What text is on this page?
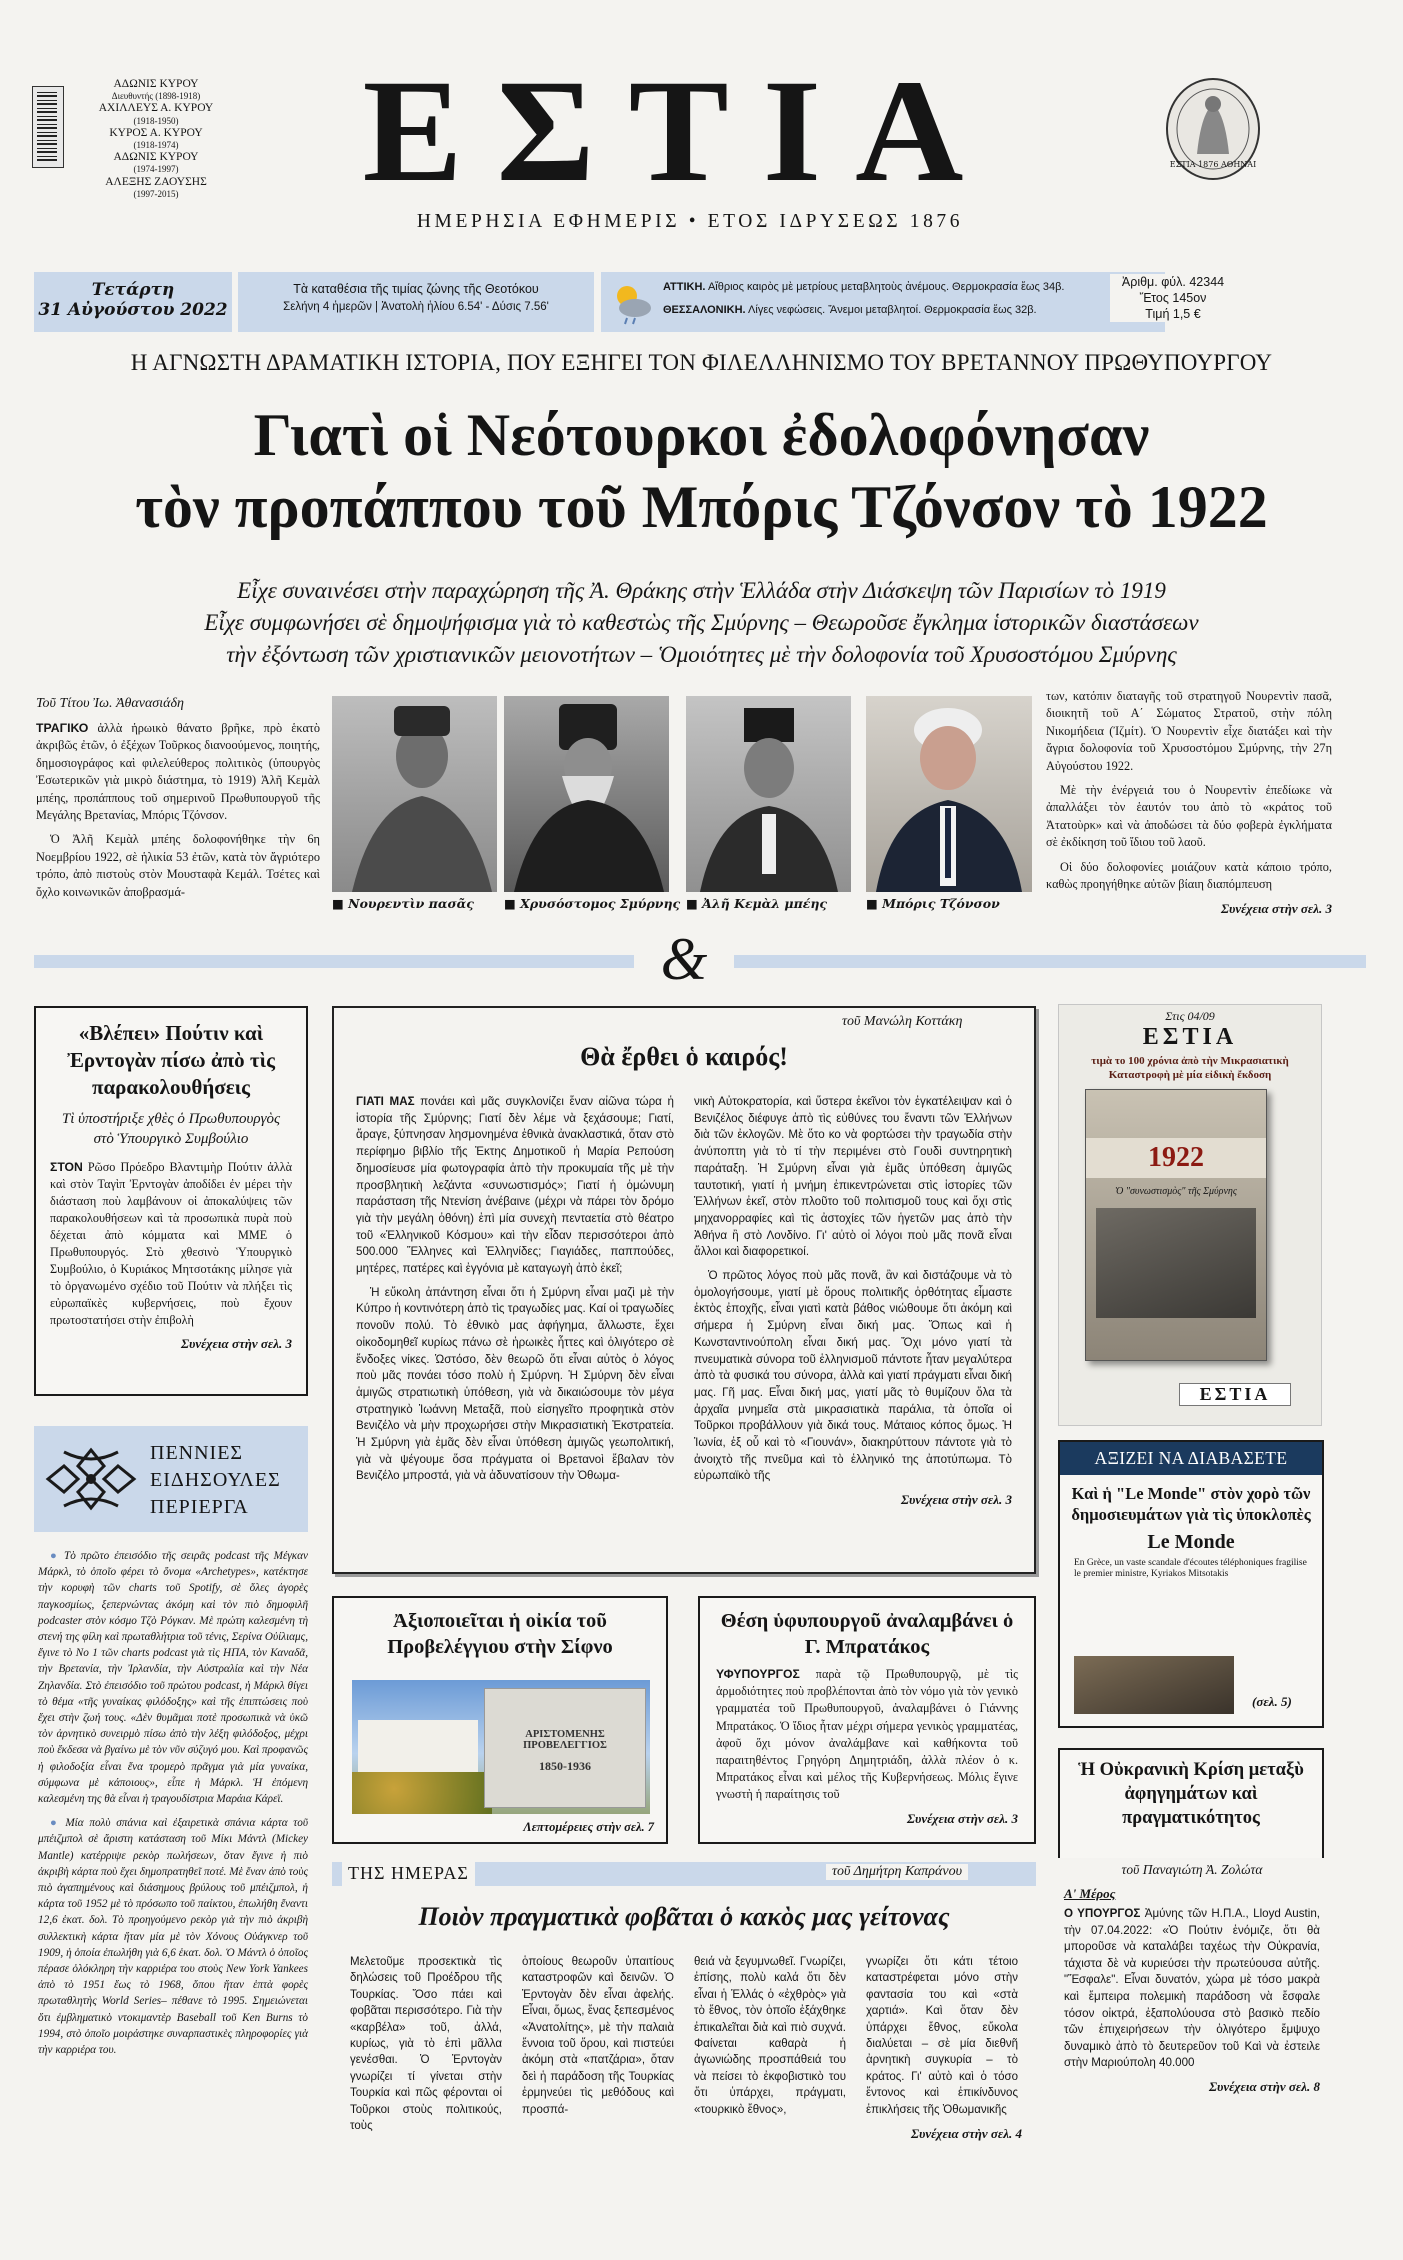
ΑΔΩΝΙΣ ΚΥΡΟΥ
Διευθυντής (1898-1918)
ΑΧΙΛΛΕΥΣ Α. ΚΥΡΟΥ
(1918-1950)
ΚΥΡΟΣ Α. ΚΥΡΟΥ
(1918-1974)
ΑΔΩΝΙΣ ΚΥΡΟΥ
(1974-1997)
ΑΛΕΞΗΣ ΖΑΟΥΣΗΣ
(1997-2015)	ΕΣΤΙΑ
ΗΜΕΡΗΣΙΑ ΕΦΗΜΕΡΙΣ • ΕΤΟΣ ΙΔΡΥΣΕΩΣ 1876
ΕΣΤΙΑ 1876 ΑΘΗΝΑΙ
Τετάρτη
31 Αὐγούστου 2022
Τὰ καταθέσια τῆς τιμίας ζώνης τῆς Θεοτόκου
Σελήνη 4 ἡμερῶν | Ἀνατολὴ ἡλίου 6.54' - Δύσις 7.56'
ΑΤΤΙΚΗ. Αἴθριος καιρὸς μὲ μετρίους μεταβλητοὺς ἀνέμους. Θερμοκρασία ἕως 34β.
ΘΕΣΣΑΛΟΝΙΚΗ. Λίγες νεφώσεις. Ἄνεμοι μεταβλητοί. Θερμοκρασία ἕως 32β.
Ἀριθμ. φύλ. 42344
Ἔτος 145ον
Τιμή 1,5 €
Η ΑΓΝΩΣΤΗ ΔΡΑΜΑΤΙΚΗ ΙΣΤΟΡΙΑ, ΠΟΥ ΕΞΗΓΕΙ ΤΟΝ ΦΙΛΕΛΛΗΝΙΣΜΟ ΤΟΥ ΒΡΕΤΑΝΝΟΥ ΠΡΩΘΥΠΟΥΡΓΟΥ
Γιατὶ οἱ Νεότουρκοι ἐδολοφόνησαν
τὸν προπάππου τοῦ Μπόρις Τζόνσον τὸ 1922
Εἶχε συναινέσει στὴν παραχώρηση τῆς Ἀ. Θράκης στὴν Ἑλλάδα στὴν Διάσκεψη τῶν Παρισίων τὸ 1919
Εἶχε συμφωνήσει σὲ δημοψήφισμα γιὰ τὸ καθεστὼς τῆς Σμύρνης – Θεωροῦσε ἔγκλημα ἱστορικῶν διαστάσεων
τὴν ἐξόντωση τῶν χριστιανικῶν μειονοτήτων – Ὁμοιότητες μὲ τὴν δολοφονία τοῦ Χρυσοστόμου Σμύρνης
Τοῦ Τίτου Ἰω. Ἀθανασιάδη

ΤΡΑΓΙΚΟ ἀλλὰ ἡρωικὸ θάνατο βρῆκε, πρὸ ἑκατὸ ἀκριβῶς ἐτῶν, ὁ ἐξέχων Τοῦρκος διανοούμενος, ποιητής, δημοσιογράφος καὶ φιλελεύθερος πολιτικὸς (ὑπουργὸς Ἐσωτερικῶν γιὰ μικρὸ διάστημα, τὸ 1919) Ἀλῆ Κεμὰλ μπέης, προπάππους τοῦ σημερινοῦ Πρωθυπουργοῦ τῆς Μεγάλης Βρετανίας, Μπόρις Τζόνσον.

Ὁ Ἀλῆ Κεμὰλ μπέης δολοφονήθηκε τὴν 6η Νοεμβρίου 1922, σὲ ἡλικία 53 ἐτῶν, κατὰ τὸν ἄγριότερο τρόπο, ἀπὸ πιστοὺς στὸν Μουσταφὰ Κεμάλ. Τσέτες καὶ ὄχλο κοινωνικῶν ἀποβρασμά-

■ Νουρεντὶν πασᾶς	■ Χρυσόστομος Σμύρνης	■ Ἀλῆ Κεμὰλ μπέης	■ Μπόρις Τζόνσον

των, κατόπιν διαταγῆς τοῦ στρατηγοῦ Νουρεντὶν πασᾶ, διοικητῆ τοῦ Α΄ Σώματος Στρατοῦ, στὴν πόλη Νικομήδεια (Ἰζμίτ). Ὁ Νουρεντὶν εἶχε διατάξει καὶ τὴν ἄγρια δολοφονία τοῦ Χρυσοστόμου Σμύρνης, τὴν 27η Αὐγούστου 1922.

Μὲ τὴν ἐνέργειά του ὁ Νουρεντὶν ἐπεδίωκε νὰ ἀπαλλάξει τὸν ἑαυτόν του ἀπὸ τὸ «κράτος τοῦ Ἀτατοὺρκ» καὶ νὰ ἀποδώσει τὰ δύο φοβερὰ ἐγκλήματα σὲ ἐκδίκηση τοῦ ἴδιου τοῦ λαοῦ.

Οἱ δύο δολοφονίες μοιάζουν κατὰ κάποιο τρόπο, καθὼς προηγήθηκε αὐτῶν βίαιη διαπόμπευση

Συνέχεια στὴν σελ. 3
&
«Βλέπει» Πούτιν καὶ Ἐρντογὰν πίσω ἀπὸ τὶς παρακολουθήσεις
Τὶ ὑποστήριξε χθὲς ὁ Πρωθυπουργὸς στὸ Ὑπουργικὸ Συμβούλιο

ΣΤΟΝ Ρῶσο Πρόεδρο Βλαντιμὴρ Πούτιν ἀλλὰ καὶ στὸν Ταγὶπ Ἐρντογὰν ἀποδίδει ἐν μέρει τὴν διάσταση ποὺ λαμβάνουν οἱ ἀποκαλύψεις τῶν παρακολουθήσεων καὶ τὰ προσωπικὰ πυρὰ ποὺ δέχεται ἀπὸ κόμματα καὶ ΜΜΕ ὁ Πρωθυπουργός. Στὸ χθεσινὸ Ὑπουργικὸ Συμβούλιο, ὁ Κυριάκος Μητσοτάκης μίλησε γιὰ τὸ ὀργανωμένο σχέδιο τοῦ Πούτιν νὰ πλήξει τὶς εὐρωπαϊκὲς κυβερνήσεις, ποὺ ἔχουν πρωτοστατήσει στὴν ἐπιβολὴ

Συνέχεια στὴν σελ. 3
ΠΕΝΝΙΕΣ
ΕΙΔΗΣΟΥΛΕΣ
ΠΕΡΙΕΡΓΑ

● Τὸ πρῶτο ἐπεισόδιο τῆς σειρᾶς podcast τῆς Μέγκαν Μάρκλ, τὸ ὁποῖο φέρει τὸ ὄνομα «Archetypes», κατέκτησε τὴν κορυφὴ τῶν charts τοῦ Spotify, σὲ ὅλες ἀγορὲς παγκοσμίως, ξεπερνώντας ἀκόμη καὶ τὸν πιὸ δημοφιλῆ podcaster στὸν κόσμο Τζὸ Ρόγκαν. Μὲ πρώτη καλεσμένη τὴ στενή της φίλη καὶ πρωταθλήτρια τοῦ τένις, Σερίνα Οὐίλιαμς, ἔγινε τὸ Νο 1 τῶν charts podcast γιὰ τὶς ΗΠΑ, τὸν Καναδᾶ, τὴν Βρετανία, τὴν Ἰρλανδία, τὴν Αὐστραλία καὶ τὴν Νέα Ζηλανδία. Στὸ ἐπεισόδιο τοῦ πρώτου podcast, ἡ Μάρκλ θίγει τὸ θέμα «τῆς γυναίκας φιλόδοξης» καὶ τῆς ἐπιπτώσεις ποὺ ἔχει στὴν ζωή τους. «Δὲν θυμᾶμαι ποτὲ προσωπικὰ νὰ ὑκῶ τὸν ἀρνητικὸ συνειρμὸ πίσω ἀπὸ τὴν λέξη φιλόδοξος, μέχρι ποὺ ἔκδεσα νὰ βγαίνω μὲ τὸν νῦν σύζυγό μου. Καὶ προφανῶς ἡ φιλοδοξία εἶναι ἕνα τρομερὸ πρᾶγμα γιὰ μία γυναίκα, σύμφωνα μὲ κάποιους», εἶπε ἡ Μάρκλ. Ἡ ἐπόμενη καλεσμένη της θὰ εἶναι ἡ τραγουδίστρια Μαράια Κάρεϊ.

● Μία πολὺ σπάνια καὶ ἐξαιρετικὰ σπάνια κάρτα τοῦ μπέιζμπολ σὲ ἄριστη κατάσταση τοῦ Μίκι Μάντλ (Mickey Mantle) κατέρριψε ρεκὸρ πωλήσεων, ὅταν ἔγινε ἡ πιὸ ἀκριβὴ κάρτα ποὺ ἔχει δημοπρατηθεῖ ποτέ. Μὲ ἕναν ἀπὸ τοὺς πιὸ ἀγαπημένους καὶ διάσημους βρύλους τοῦ μπέιζμπολ, ἡ κάρτα τοῦ 1952 μὲ τὸ πρόσωπο τοῦ παίκτου, ἐπωλήθη ἔναντι 12,6 ἑκατ. δολ. Τὸ προηγούμενο ρεκὸρ γιὰ τὴν πιὸ ἀκριβὴ συλλεκτικὴ κάρτα ἤταν μία μὲ τὸν Χόνους Οὐάγκνερ τοῦ 1909, ἡ ὁποία ἐπωλήθη γιὰ 6,6 ἑκατ. δολ. Ὁ Μάντλ ὁ ὁποῖος πέρασε ὁλόκληρη τὴν καρριέρα του στοὺς New York Yankees ἀπὸ τὸ 1951 ἕως τὸ 1968, ὅπου ἤταν ἑπτὰ φορὲς πρωταθλητὴς World Series– πέθανε τὸ 1995. Σημειώνεται ὅτι ἐμβληματικὸ ντοκιμαντὲρ Baseball τοῦ Ken Burns τὸ 1994, στὸ ὁποῖο μοιράστηκε συναρπαστικὲς πληροφορίες γιὰ τὴν καρριέρα του.

τοῦ Μανώλη Κοττάκη
Θὰ ἔρθει ὁ καιρός!

ΓΙΑΤΙ ΜΑΣ πονάει καὶ μᾶς συγκλονίζει ἕναν αἰῶνα τώρα ἡ ἱστορία τῆς Σμύρνης; Γιατί δὲν λέμε νὰ ξεχάσουμε; Γιατί, ἄραγε, ξύπνησαν λησμονημένα ἐθνικὰ ἀνακλαστικά, ὅταν στὸ περίφημο βιβλίο τῆς Ἐκτης Δημοτικοῦ ἡ Μαρία Ρεπούση δημοσίευσε μία φωτογραφία ἀπὸ τὴν προκυμαία τῆς μὲ τὴν προσβλητικὴ λεζάντα «συνωστισμός»; Γιατί ἡ ὁμώνυμη παράσταση τῆς Ντενίση ἀνέβαινε (μέχρι νὰ πάρει τὸν δρόμο γιὰ τὴν μεγάλη ὀθόνη) ἐπὶ μία συνεχὴ πενταετία στὸ θέατρο τοῦ «Ἑλληνικοῦ Κόσμου» καὶ τὴν εἶδαν περισσότεροι ἀπὸ 500.000 Ἕλληνες καὶ Ἑλληνίδες; Γιαγιάδες, παππούδες, μητέρες, πατέρες καὶ ἐγγόνια μὲ καταγωγὴ ἀπὸ ἐκεῖ;

Ἡ εὔκολη ἀπάντηση εἶναι ὅτι ἡ Σμύρνη εἶναι μαζὶ μὲ τὴν Κύπρο ἡ κοντινότερη ἀπὸ τὶς τραγωδίες μας. Καί οἱ τραγωδίες πονοῦν πολύ. Τὸ ἐθνικὸ μας ἀφήγημα, ἄλλωστε, ἔχει οἰκοδομηθεῖ κυρίως πάνω σὲ ἡρωικὲς ἧττες καὶ ὀλιγότερο σὲ ἔνδοξες νίκες. Ὡστόσο, δὲν θεωρῶ ὅτι εἶναι αὐτὸς ὁ λόγος ποὺ μᾶς πονάει τόσο πολὺ ἡ Σμύρνη. Ἡ Σμύρνη δὲν εἶναι ἁμιγῶς στρατιωτικὴ ὑπόθεση, γιὰ νὰ δικαιώσουμε τὸν μέγα στρατηγικὸ Ἰωάννη Μεταξᾶ, ποὺ εἰσηγεῖτο προφητικὰ στὸν Βενιζέλο νὰ μὴν προχωρήσει στὴν Μικρασιατικὴ Ἐκστρατεία. Ἡ Σμύρνη γιὰ ἐμᾶς δὲν εἶναι ὑπόθεση ἁμιγῶς γεωπολιτική, γιὰ νὰ ψέγουμε ὅσα πράγματα οἱ Βρετανοὶ ἔβαλαν τὸν Βενιζέλο μπροστά, γιὰ νὰ ἀδυνατίσουν τὴν Ὀθωμα-

νικὴ Αὐτοκρατορία, καὶ ὕστερα ἐκεῖνοι τὸν ἐγκατέλειψαν καὶ ὁ Βενιζέλος διέφυγε ἀπὸ τὶς εὐθύνες του ἔναντι τῶν Ἑλλήνων διὰ τῶν ἐκλογῶν. Μὲ ὅτο κο νὰ φορτώσει τὴν τραγωδία στὴν ἀνύποπτη γιὰ τὸ τί τὴν περιμένει στὸ Γουδὶ συντηρητικὴ παράταξη. Ἡ Σμύρνη εἶναι γιὰ ἐμᾶς ὑπόθεση ἁμιγῶς ταυτοτική, γιατί ἡ μνήμη ἐπικεντρώνεται στὶς ἱστορίες τῶν Ἑλλήνων ἐκεῖ, στὸν πλοῦτο τοῦ πολιτισμοῦ τους καὶ ὄχι στὶς μηχανορραφίες καὶ τὶς ἀστοχίες τῶν ἡγετῶν μας ἀπὸ τὴν Ἀθήνα ἢ στὸ Λονδίνο. Γι' αὐτὸ οἱ λόγοι ποὺ μᾶς πονᾶ εἶναι ἄλλοι καὶ διαφορετικοί.

Ὁ πρῶτος λόγος ποὺ μᾶς πονᾶ, ἂν καὶ διστάζουμε νὰ τὸ ὁμολογήσουμε, γιατί μὲ ὅρους πολιτικῆς ὀρθότητας εἶμαστε ἐκτὸς ἐποχῆς, εἶναι γιατὶ κατὰ βάθος νιώθουμε ὅτι ἀκόμη καὶ σήμερα ἡ Σμύρνη εἶναι δική μας. Ὅπως καὶ ἡ Κωνσταντινούπολη εἶναι δική μας. Ὄχι μόνο γιατί τὰ πνευματικὰ σύνορα τοῦ ἑλληνισμοῦ πάντοτε ἦταν μεγαλύτερα ἀπὸ τὰ φυσικά του σύνορα, ἀλλὰ καὶ γιατί πράγματι εἶναι δική μας. Γῆ μας. Εἶναι δική μας, γιατί μᾶς τὸ θυμίζουν ὅλα τὰ ἀρχαῖα μνημεῖα στὰ μικρασιατικὰ παράλια, τὰ ὁποῖα οἱ Τοῦρκοι προβάλλουν γιὰ δικά τους. Μάταιος κόπος ὅμως. Ἡ Ἰωνία, ἐξ οὗ καὶ τὸ «Γιουνάν», διακηρύττουν πάντοτε γιὰ τὸ ἀνοιχτὸ τῆς πνεῦμα καὶ τὸ ἑλληνικό της ἀποτύπωμα. Τὸ εὐρωπαϊκὸ τῆς

Συνέχεια στὴν σελ. 3
Στις 04/09
ΕΣΤΙΑ
τιμὰ το 100 χρόνια ἀπὸ τὴν Μικρασιατικὴ Καταστροφὴ μὲ μία εἰδικὴ ἔκδοση
1922
Ὁ "συνωστισμὸς" τῆς Σμύρνης
ΕΣΤΙΑ
ΑΞΙΖΕΙ ΝΑ ΔΙΑΒΑΣΕΤΕ
Καὶ ἡ "Le Monde" στὸν χορὸ τῶν δημοσιευμάτων γιὰ τὶς ὑποκλοπὲς
Le Monde
En Grèce, un vaste scandale d'écoutes téléphoniques fragilise le premier ministre, Kyriakos Mitsotakis
(σελ. 5)
Ἀξιοποιεῖται ἡ οἰκία τοῦ Προβελέγγιου στὴν Σίφνο
ΑΡΙΣΤΟΜΕΝΗΣ ΠΡΟΒΕΛΕΓΓΙΟΣ
1850-1936
Λεπτομέρειες στὴν σελ. 7
Θέση ὑφυπουργοῦ ἀναλαμβάνει ὁ Γ. Μπρατάκος

ΥΦΥΠΟΥΡΓΟΣ παρὰ τῷ Πρωθυπουργῷ, μὲ τὶς ἁρμοδιότητες ποὺ προβλέπονται ἀπὸ τὸν νόμο γιὰ τὸν γενικὸ γραμματέα τοῦ Πρωθυπουργοῦ, ἀναλαμβάνει ὁ Γιάννης Μπρατάκος. Ὁ ἴδιος ἦταν μέχρι σήμερα γενικὸς γραμματέας, ἀφοῦ ὅχι μόνον ἀναλάμβανε καὶ καθήκοντα τοῦ παραιτηθέντος Γρηγόρη Δημητριάδη, ἀλλὰ πλέον ὁ κ. Μπρατάκος εἶναι καὶ μέλος τῆς Κυβερνήσεως. Μόλις ἔγινε γνωστὴ ἡ παραίτησις τοῦ

Συνέχεια στὴν σελ. 3
ΤΗΣ ΗΜΕΡΑΣ	τοῦ Δημήτρη Καπράνου
Ποιὸν πραγματικὰ φοβᾶται ὁ κακὸς μας γείτονας
Μελετοῦμε προσεκτικὰ τὶς δηλώσεις τοῦ Προέδρου τῆς Τουρκίας. Ὅσο πάει καὶ φοβᾶται περισσότερο. Γιὰ τὴν «καρβέλα» τοῦ, ἀλλά, κυρίως, γιὰ τὸ ἐπὶ μᾶλλα γενέσθαι. Ὁ Ἐρντογὰν γνωρίζει τί γίνεται στὴν Τουρκία καὶ πῶς φέρονται οἱ Τοῦρκοι στοὺς πολιτικούς, τοὺς
ὁποίους θεωροῦν ὑπαιτίους καταστροφῶν καὶ δεινῶν. Ὁ Ἐρντογὰν δὲν εἶναι ἀφελής. Εἶναι, ὅμως, ἕνας ξεπεσμένος «Ἀνατολίτης», μὲ τὴν παλαιὰ ἔννοια τοῦ ὅρου, καὶ πιστεύει ἀκόμη στὰ «πατζάρια», ὅταν δεὶ ἡ παράδοση τῆς Τουρκίας ἐρμηνεύει τὶς μεθόδους καὶ προσπά-
θειά νὰ ξεγυμνωθεῖ. Γνωρίζει, ἐπίσης, πολὺ καλά ὅτι δὲν εἶναι ἡ Ἑλλάς ὁ «ἐχθρὸς» γιὰ τὸ ἔθνος, τὸν ὁποῖο ἐξάχθηκε ἐπικαλεῖται διὰ καὶ πιὸ συχνά. Φαίνεται καθαρὰ ἡ ἀγωνιώδης προσπάθειά του νὰ πείσει τὸ ἐκφοβιστικὸ του ὅτι ὑπάρχει, πράγματι, «τουρκικὸ ἔθνος»,
γνωρίζει ὅτι κάτι τέτοιο καταστρέφεται μόνο στὴν φαντασία του καὶ «στὰ χαρτιά». Καὶ ὅταν δὲν ὑπάρχει ἔθνος, εὔκολα διαλύεται – σὲ μία διεθνῆ ἀρνητικὴ συγκυρία – τὸ κράτος. Γι' αὐτὸ καὶ ὁ τόσο ἔντονος καὶ ἐπικίνδυνος ἐπικλήσεις τῆς Ὀθωμανικῆς
Συνέχεια στὴν σελ. 4
Ἡ Οὐκρανικὴ Κρίση μεταξὺ ἀφηγημάτων καὶ πραγματικότητος
τοῦ Παναγιώτη Ἀ. Ζολώτα
Α' Μέρος

Ο ΥΠΟΥΡΓΟΣ Ἀμύνης τῶν Η.Π.Α., Lloyd Austin, τὴν 07.04.2022: «Ὁ Πούτιν ἐνόμιζε, ὅτι θὰ μποροῦσε νὰ καταλάβει ταχέως τὴν Οὐκρανία, τάχιστα δὲ νὰ κυριεύσει τὴν πρωτεύουσα αὐτῆς. "Ἔσφαλε". Εἶναι δυνατόν, χώρα μὲ τόσο μακρὰ καὶ ἔμπειρα πολεμικὴ παράδοση νὰ ἔσφαλε τόσον οἰκτρά, ἐξαπολύουσα στὸ βασικὸ πεδίο τῶν ἐπιχειρήσεων τὴν ὀλιγότερο ἔμψυχο δυναμικὸ ἀπὸ τὸ δευτερεῦον τοῦ Καὶ νὰ ἐστειλε στὴν Μαριούπολη 40.000

Συνέχεια στὴν σελ. 8
